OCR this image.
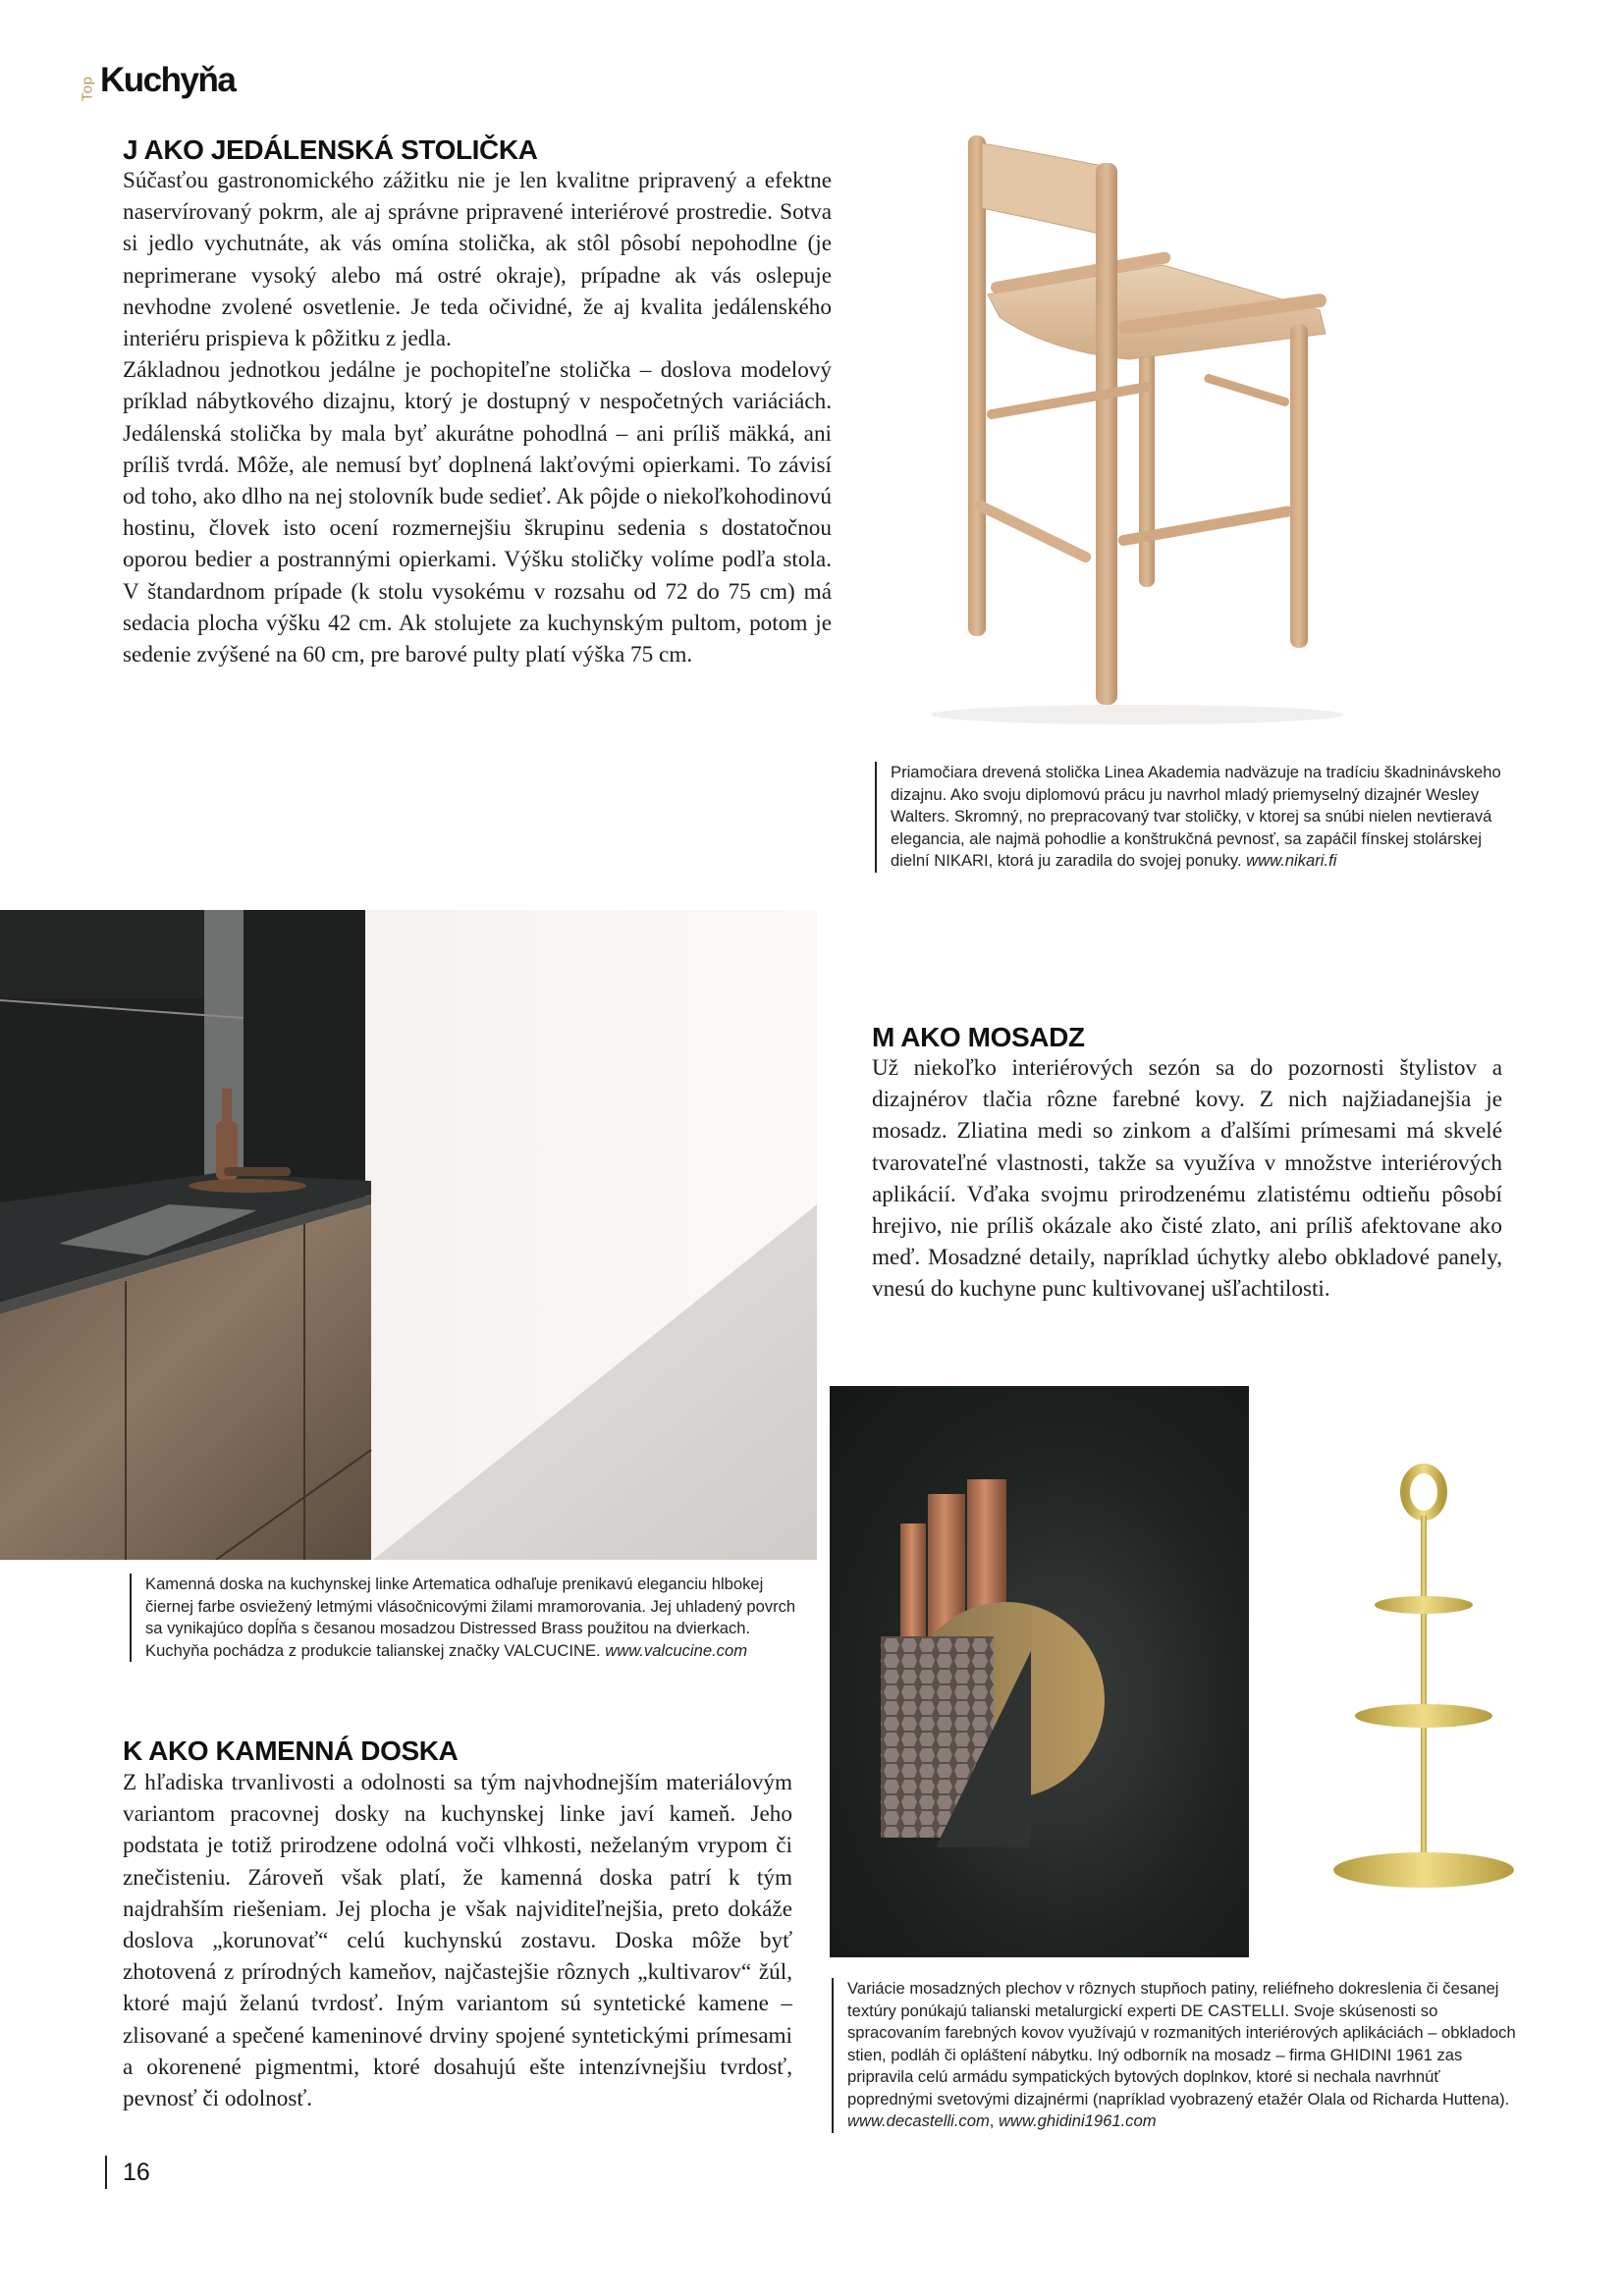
Top Kuchyňa
J AKO JEDÁLENSKÁ STOLIČKA

Súčasťou gastronomického zážitku nie je len kvalitne pripravený a efektne naservírovaný pokrm, ale aj správne pripravené interiérové prostredie. Sotva si jedlo vychutnáte, ak vás omína stolička, ak stôl pôsobí nepohodlne (je neprimerane vysoký alebo má ostré okraje), prípadne ak vás oslepuje nevhodne zvolené osvetlenie. Je teda očividné, že aj kvalita jedálenského interiéru prispieva k pôžitku z jedla.

Základnou jednotkou jedálne je pochopiteľne stolička – doslova modelový príklad nábytkového dizajnu, ktorý je dostupný v nespočetných variáciách. Jedálenská stolička by mala byť akurátne pohodlná – ani príliš mäkká, ani príliš tvrdá. Môže, ale nemusí byť doplnená lakťovými opierkami. To závisí od toho, ako dlho na nej stolovník bude sedieť. Ak pôjde o niekoľkohodinovú hostinu, človek isto ocení rozmernejšiu škrupinu sedenia s dostatočnou oporou bedier a postrannými opierkami. Výšku stoličky volíme podľa stola. V štandardnom prípade (k stolu vysokému v rozsahu od 72 do 75 cm) má sedacia plocha výšku 42 cm. Ak stolujete za kuchynským pultom, potom je sedenie zvýšené na 60 cm, pre barové pulty platí výška 75 cm.

Priamočiara drevená stolička Linea Akademia nadväzuje na tradíciu škadninávskeho dizajnu. Ako svoju diplomovú prácu ju navrhol mladý priemyselný dizajnér Wesley Walters. Skromný, no prepracovaný tvar stoličky, v ktorej sa snúbi nielen nevtieravá elegancia, ale najmä pohodlie a konštrukčná pevnosť, sa zapáčil fínskej stolárskej dielní NIKARI, ktorá ju zaradila do svojej ponuky. www.nikari.fi
M AKO MOSADZ

Už niekoľko interiérových sezón sa do pozornosti štylistov a dizajnérov tlačia rôzne farebné kovy. Z nich najžiadanejšia je mosadz. Zliatina medi so zinkom a ďalšími prímesami má skvelé tvarovateľné vlastnosti, takže sa využíva v množstve interiérových aplikácií. Vďaka svojmu prirodzenému zlatistému odtieňu pôsobí hrejivo, nie príliš okázale ako čisté zlato, ani príliš afektovane ako meď. Mosadzné detaily, napríklad úchytky alebo obkladové panely, vnesú do kuchyne punc kultivovanej ušľachtilosti.

Kamenná doska na kuchynskej linke Artematica odhaľuje prenikavú eleganciu hlbokej čiernej farbe osviežený letmými vlásočnicovými žilami mramorovania. Jej uhladený povrch sa vynikajúco dopĺňa s česanou mosadzou Distressed Brass použitou na dvierkach. Kuchyňa pochádza z produkcie talianskej značky VALCUCINE. www.valcucine.com
K AKO KAMENNÁ DOSKA

Z hľadiska trvanlivosti a odolnosti sa tým najvhodnejším materiálovým variantom pracovnej dosky na kuchynskej linke javí kameň. Jeho podstata je totiž prirodzene odolná voči vlhkosti, neželaným vrypom či znečisteniu. Zároveň však platí, že kamenná doska patrí k tým najdrahším riešeniam. Jej plocha je však najviditeľnejšia, preto dokáže doslova „korunovať“ celú kuchynskú zostavu. Doska môže byť zhotovená z prírodných kameňov, najčastejšie rôznych „kultivarov“ žúl, ktoré majú želanú tvrdosť. Iným variantom sú syntetické kamene – zlisované a spečené kameninové drviny spojené syntetickými prímesami a okorenené pigmentmi, ktoré dosahujú ešte intenzívnejšiu tvrdosť, pevnosť či odolnosť.

Variácie mosadzných plechov v rôznych stupňoch patiny, reliéfneho dokreslenia či česanej textúry ponúkajú talianski metalurgickí experti DE CASTELLI. Svoje skúsenosti so spracovaním farebných kovov využívajú v rozmanitých interiérových aplikáciách – obkladoch stien, podláh či opláštení nábytku. Iný odborník na mosadz – firma GHIDINI 1961 zas pripravila celú armádu sympatických bytových doplnkov, ktoré si nechala navrhnúť poprednými svetovými dizajnérmi (napríklad vyobrazený etažér Olala od Richarda Huttena). www.decastelli.com, www.ghidini1961.com
16
